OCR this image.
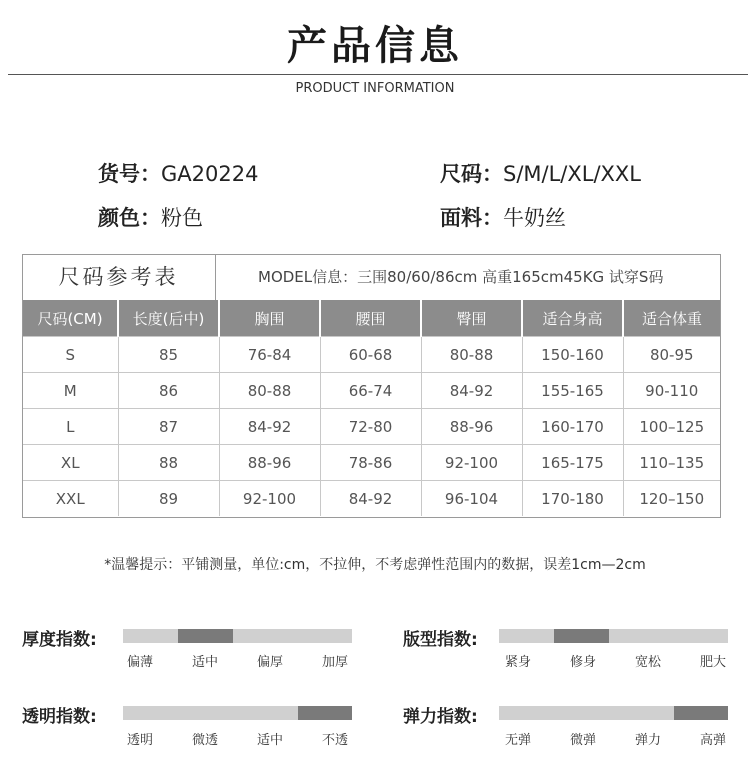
产品信息
PRODUCT INFORMATION
货号：GA20224	尺码：S/M/L/XL/XXL
颜色：粉色	面料：牛奶丝
尺码参考表	MODEL信息：三围80/60/86cm 高重165cm45KG 试穿S码
尺码(CM)	长度(后中)	胸围	腰围	臀围	适合身高	适合体重
S	85	76-84	60-68	80-88	150-160	80-95
M	86	80-88	66-74	84-92	155-165	90-110
L	87	84-92	72-80	88-96	160-170	100–125
XL	88	88-96	78-86	92-100	165-175	110–135
XXL	89	92-100	84-92	96-104	170-180	120–150
*温馨提示：平铺测量，单位:cm，不拉伸，不考虑弹性范围内的数据，误差1cm—2cm
厚度指数:
偏薄	适中	偏厚	加厚
版型指数:
紧身	修身	宽松	肥大
透明指数:
透明	微透	适中	不透
弹力指数:
无弹	微弹	弹力	高弹
